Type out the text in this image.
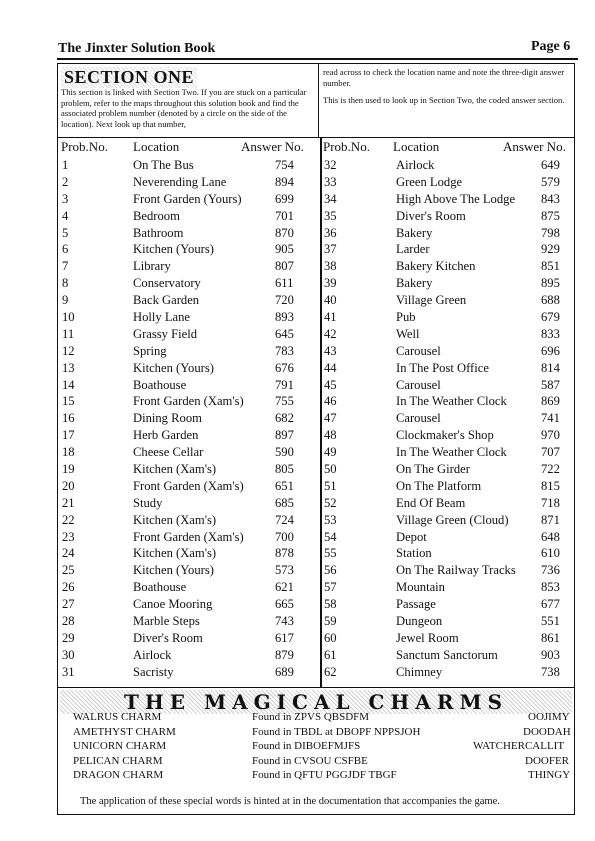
The Jinxter Solution Book	Page 6
SECTION ONE
This section is linked with Section Two. If you are stuck on a particular problem, refer to the maps throughout this solution book and find the associated problem number (denoted by a circle on the side of the location). Next look up that number,

read across to check the location name and note the three-digit answer number.

This is then used to look up in Section Two, the coded answer section.

Prob.No. Location	Answer No. Prob.No. Location	Answer No.
1	On The Bus	754
2	Neverending Lane	894
3	Front Garden (Yours)	699
4	Bedroom	701
5	Bathroom	870
6	Kitchen (Yours)	905
7	Library	807
8	Conservatory	611
9	Back Garden	720
10	Holly Lane	893
11	Grassy Field	645
12	Spring	783
13	Kitchen (Yours)	676
14	Boathouse	791
15	Front Garden (Xam's) 755
16	Dining Room	682
17	Herb Garden	897
18	Cheese Cellar	590
19	Kitchen (Xam's)	805
20	Front Garden (Xam's) 651
21	Study	685
22	Kitchen (Xam's)	724
23	Front Garden (Xam's) 700
24	Kitchen (Xam's)	878
25	Kitchen (Yours)	573
26	Boathouse	621
27	Canoe Mooring	665
28	Marble Steps	743
29	Diver's Room	617
30	Airlock	879
31	Sacristy	689
32	Airlock	649
33	Green Lodge	579
34	High Above The Lodge 843
35	Diver's Room	875
36	Bakery	798
37	Larder	929
38	Bakery Kitchen	851
39	Bakery	895
40	Village Green	688
41	Pub	679
42	Well	833
43	Carousel	696
44	In The Post Office	814
45	Carousel	587
46	In The Weather Clock	869
47	Carousel	741
48	Clockmaker's Shop	970
49	In The Weather Clock	707
50	On The Girder	722
51	On The Platform	815
52	End Of Beam	718
53	Village Green (Cloud)	871
54	Depot	648
55	Station	610
56	On The Railway Tracks 736
57	Mountain	853
58	Passage	677
59	Dungeon	551
60	Jewel Room	861
61	Sanctum Sanctorum	903
62	Chimney	738
THE MAGICAL CHARMS
WALRUS CHARM	Found in ZPVS QBSDFM	OOJIMY
AMETHYST CHARM	Found in TBDL at DBOPF NPPSJOH	DOODAH
UNICORN CHARM	Found in DIBOEFMJFS	WATCHERCALLIT
PELICAN CHARM	Found in CVSOU CSFBE	DOOFER
DRAGON CHARM	Found in QFTU PGGJDF TBGF	THINGY
The application of these special words is hinted at in the documentation that accompanies the game.
